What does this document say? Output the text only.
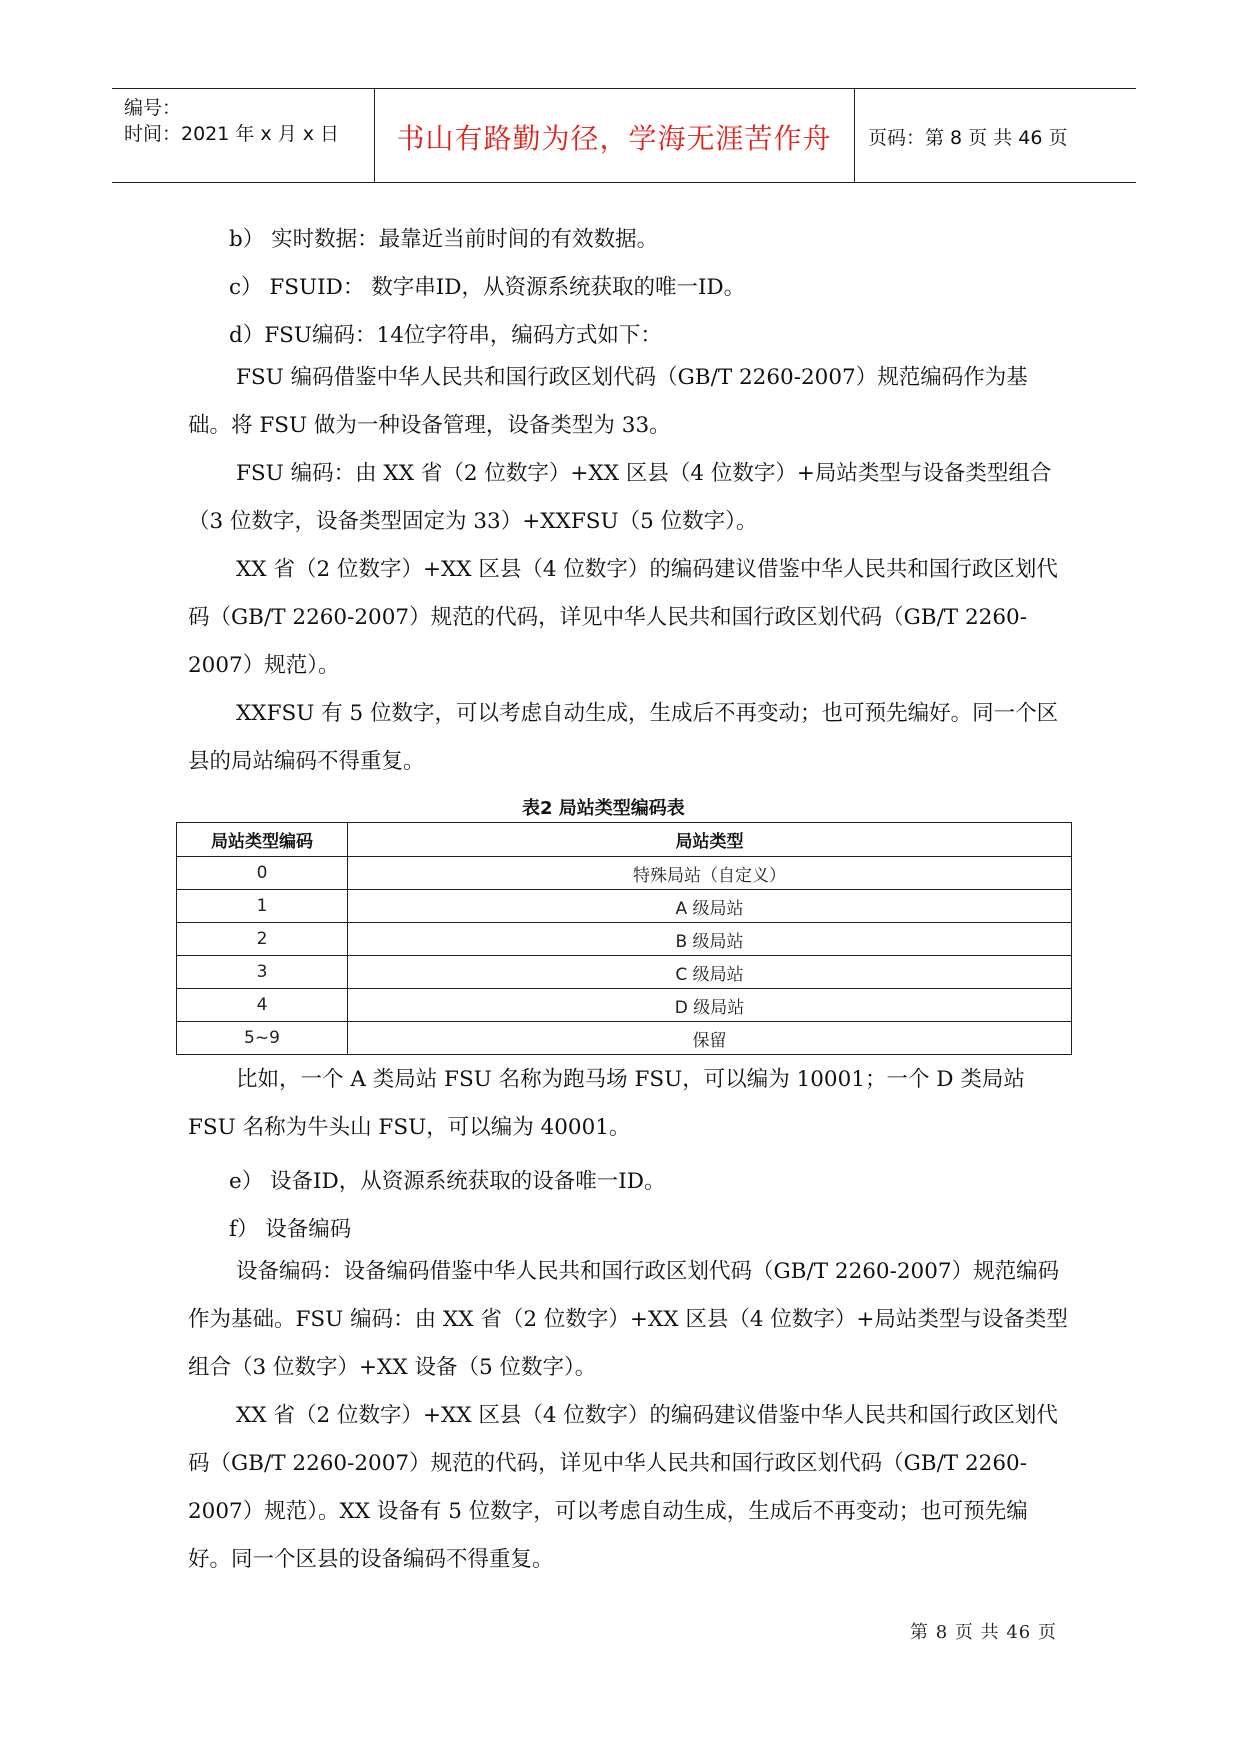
编号：
时间：2021 年 x 月 x 日	书山有路勤为径，学海无涯苦作舟	页码：第 8 页 共 46 页
b） 实时数据：最靠近当前时间的有效数据。
c） FSUID： 数字串ID，从资源系统获取的唯一ID。
d）FSU编码：14位字符串，编码方式如下：

FSU 编码借鉴中华人民共和国行政区划代码（GB/T 2260-2007）规范编码作为基础。将 FSU 做为一种设备管理，设备类型为 33。

FSU 编码：由 XX 省（2 位数字）+XX 区县（4 位数字）+局站类型与设备类型组合（3 位数字，设备类型固定为 33）+XXFSU（5 位数字）。

XX 省（2 位数字）+XX 区县（4 位数字）的编码建议借鉴中华人民共和国行政区划代码（GB/T 2260-2007）规范的代码，详见中华人民共和国行政区划代码（GB/T 2260-2007）规范）。

XXFSU 有 5 位数字，可以考虑自动生成，生成后不再变动；也可预先编好。同一个区县的局站编码不得重复。

表2 局站类型编码表
局站类型编码	局站类型
0	特殊局站（自定义）
1	A 级局站
2	B 级局站
3	C 级局站
4	D 级局站
5~9	保留

比如，一个 A 类局站 FSU 名称为跑马场 FSU，可以编为 10001；一个 D 类局站 FSU 名称为牛头山 FSU，可以编为 40001。

e） 设备ID，从资源系统获取的设备唯一ID。
f） 设备编码

设备编码：设备编码借鉴中华人民共和国行政区划代码（GB/T 2260-2007）规范编码作为基础。FSU 编码：由 XX 省（2 位数字）+XX 区县（4 位数字）+局站类型与设备类型组合（3 位数字）+XX 设备（5 位数字）。

XX 省（2 位数字）+XX 区县（4 位数字）的编码建议借鉴中华人民共和国行政区划代码（GB/T 2260-2007）规范的代码，详见中华人民共和国行政区划代码（GB/T 2260-2007）规范）。XX 设备有 5 位数字，可以考虑自动生成，生成后不再变动；也可预先编好。同一个区县的设备编码不得重复。

第 8 页 共 46 页
